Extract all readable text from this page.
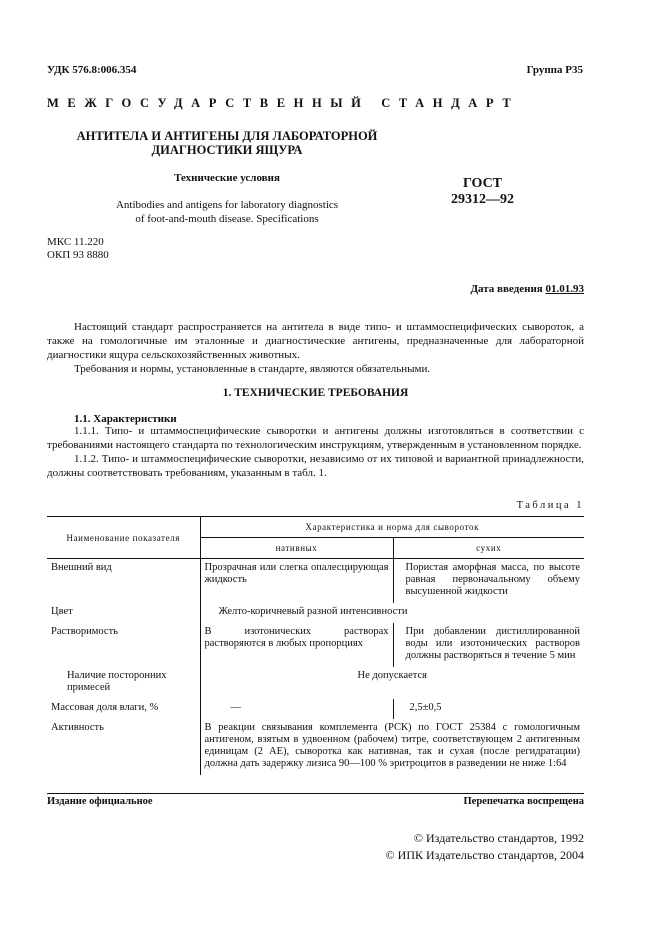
УДК 576.8:006.354	Группа Р35
МЕЖГОСУДАРСТВЕННЫЙ СТАНДАРТ
АНТИТЕЛА И АНТИГЕНЫ ДЛЯ ЛАБОРАТОРНОЙ
ДИАГНОСТИКИ ЯЩУРА
Технические условия
Antibodies and antigens for laboratory diagnostics
of foot-and-mouth disease. Specifications
ГОСТ
29312—92
МКС 11.220
ОКП 93 8880
Дата введения 01.01.93

Настоящий стандарт распространяется на антитела в виде типо- и штаммоспецифических сывороток, а также на гомологичные им эталонные и диагностические антигены, предназначенные для лабораторной диагностики ящура сельскохозяйственных животных.

Требования и нормы, установленные в стандарте, являются обязательными.

1. ТЕХНИЧЕСКИЕ ТРЕБОВАНИЯ
1.1. Характеристики

1.1.1. Типо- и штаммоспецифические сыворотки и антигены должны изготовляться в соответствии с требованиями настоящего стандарта по технологическим инструкциям, утвержденным в установленном порядке.

1.1.2. Типо- и штаммоспецифические сыворотки, независимо от их типовой и вариантной принадлежности, должны соответствовать требованиям, указанным в табл. 1.

Таблица 1
Наименование показателя	Характеристика и норма для сывороток	
	нативных	сухих
Внешний вид	Прозрачная или слегка опалесцирующая жидкость	Пористая аморфная масса, по высоте равная первоначальному объему высушенной жидкости
Цвет	Желто-коричневый разной интенсивности	
Растворимость	В изотонических растворах растворяются в любых пропорциях	При добавлении дистиллированной воды или изотонических растворов должны растворяться в течение 5 мин
Наличие посторонних примесей	Не допускается	
Массовая доля влаги, %	—	2,5±0,5
Активность	В реакции связывания комплемента (РСК) по ГОСТ 25384 с гомологичным антигеном, взятым в удвоенном (рабочем) титре, соответствующем 2 антигенным единицам (2 АЕ), сыворотка как нативная, так и сухая (после регидратации) должна дать задержку лизиса 90—100 % эритроцитов в разведении не ниже 1:64	
Издание официальное	Перепечатка воспрещена
© Издательство стандартов, 1992
© ИПК Издательство стандартов, 2004
